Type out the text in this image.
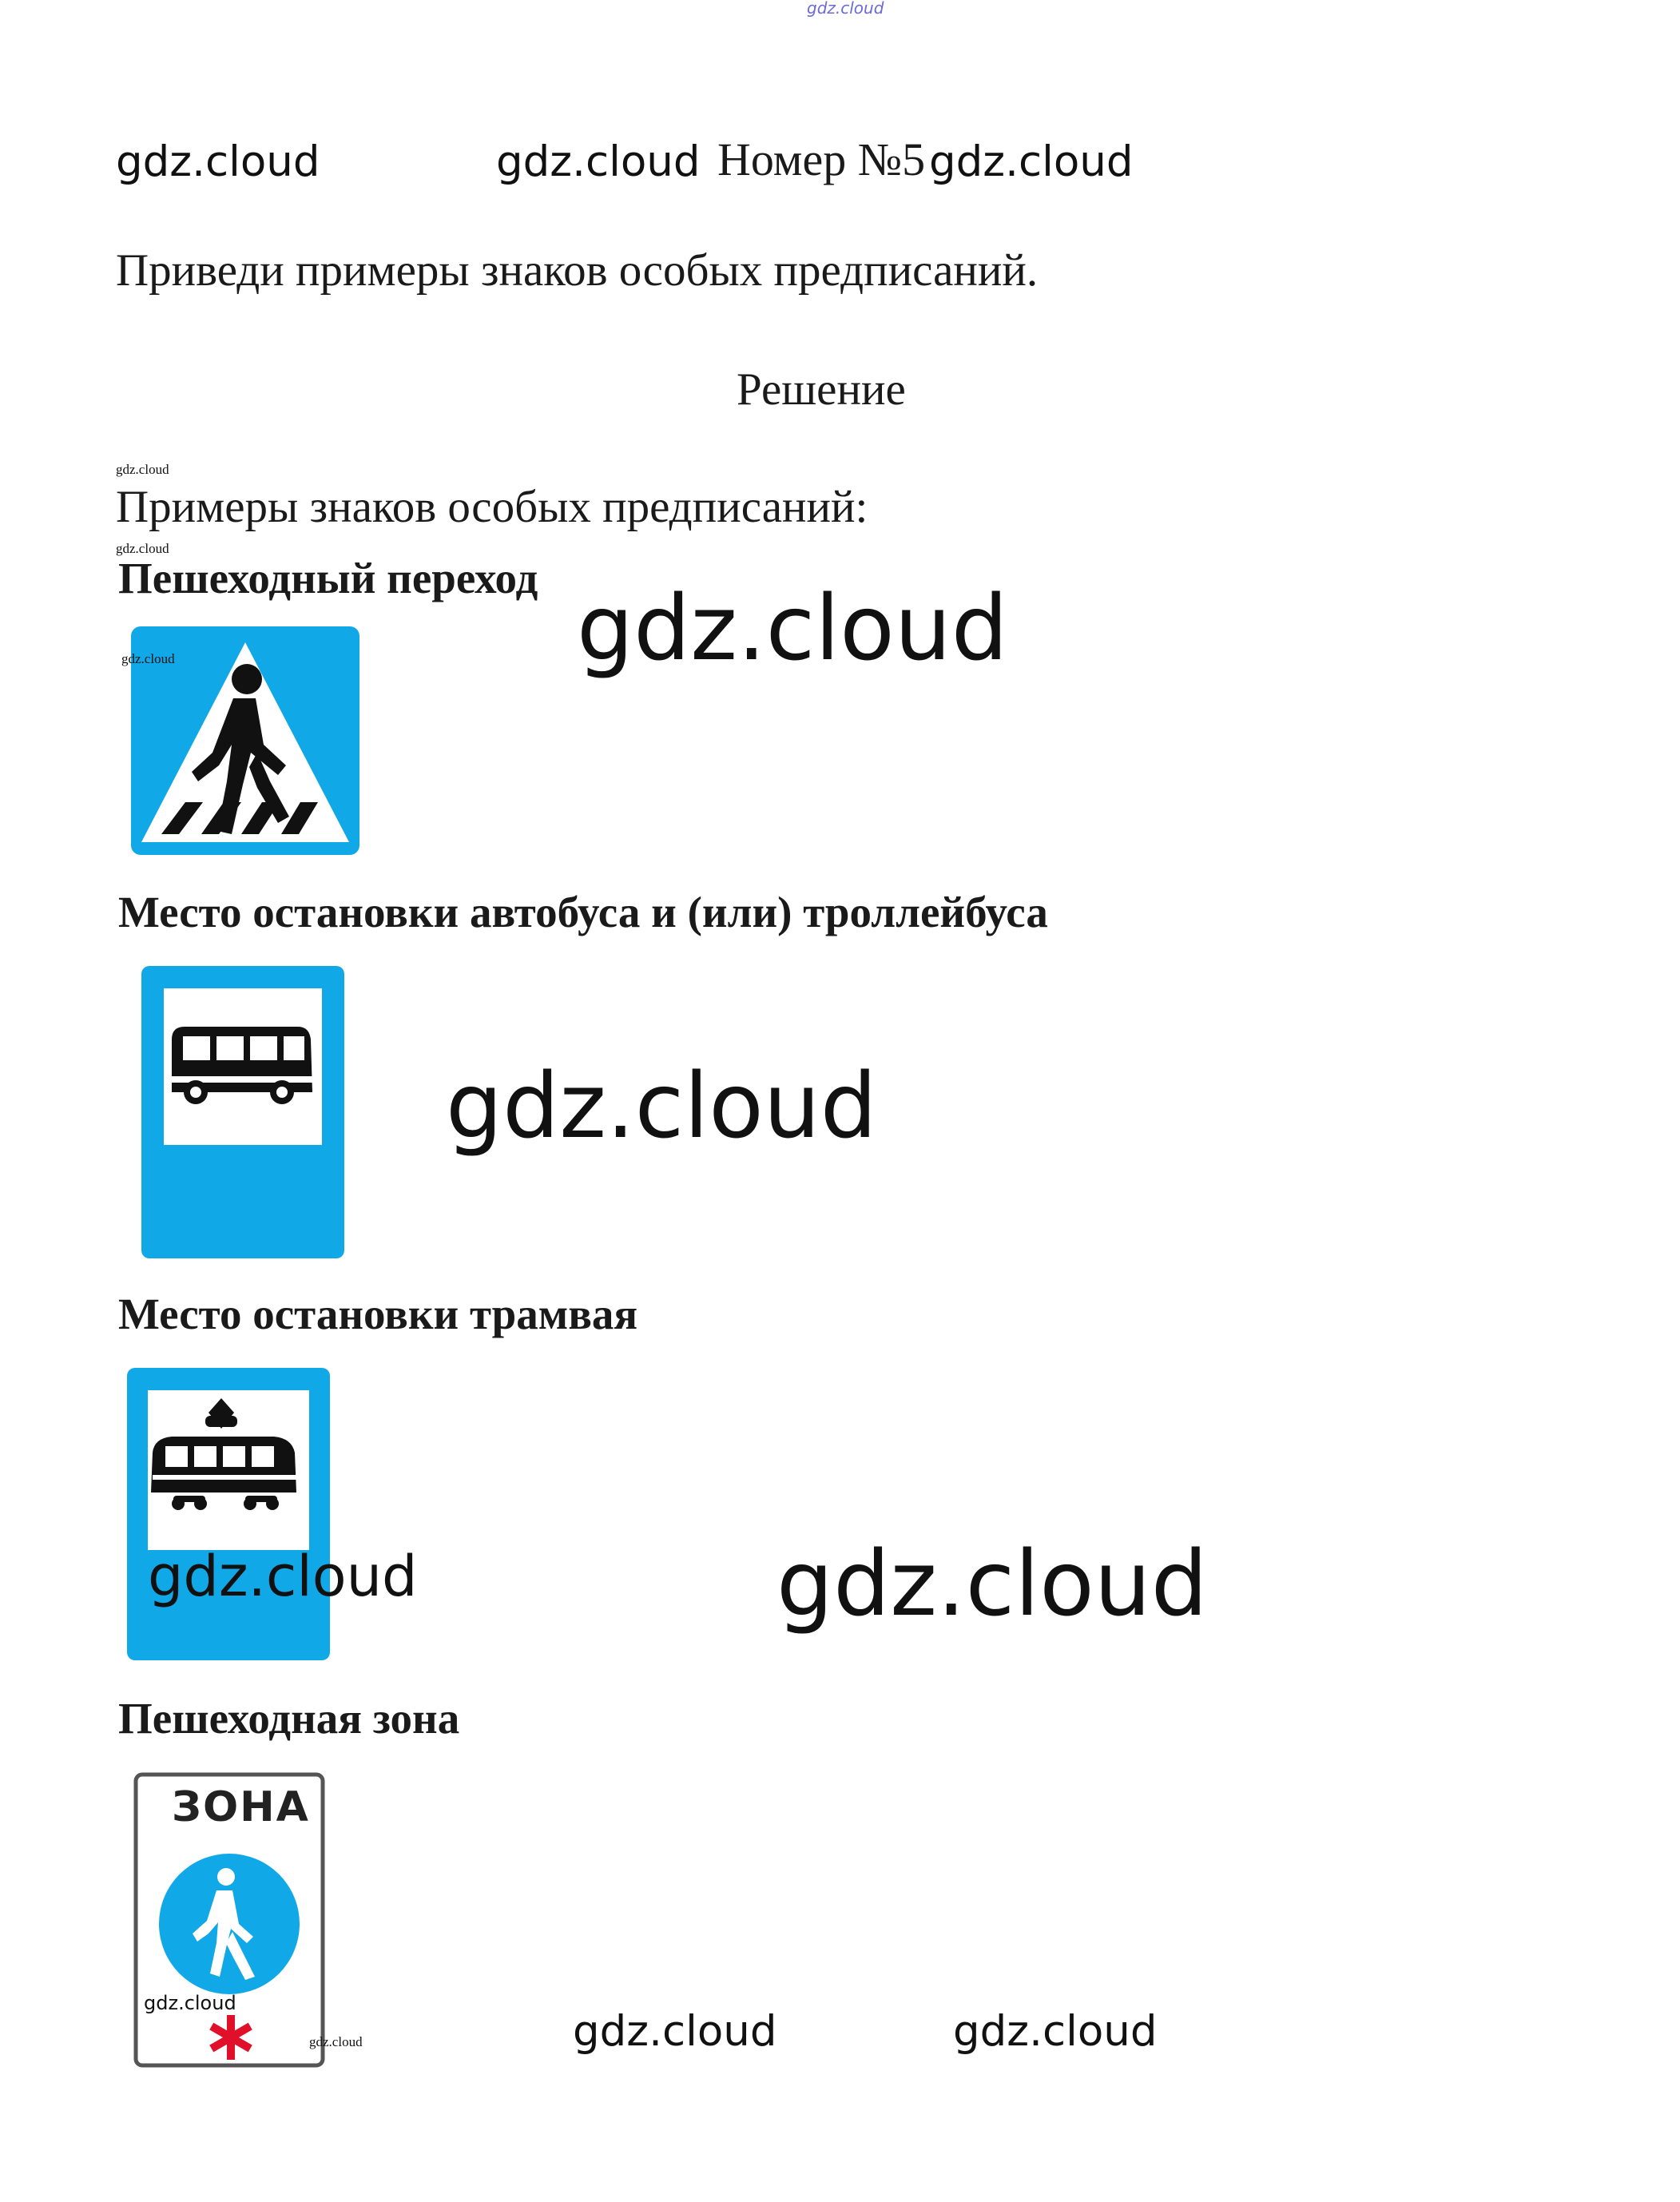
gdz.cloud
gdz.cloud	gdz.cloud Номер №5 gdz.cloud
Приведи примеры знаков особых предписаний.
Решение
gdz.cloud
Примеры знаков особых предписаний:
gdz.cloud
Пешеходный переход gdz.cloud
gdz.cloud
Место остановки автобуса и (или) троллейбуса
gdz.cloud
Место остановки трамвая
gdz.cloud	gdz.cloud
Пешеходная зона
ЗОНА
gdz.cloud
gdz.cloud	gdz.cloud	gdz.cloud
